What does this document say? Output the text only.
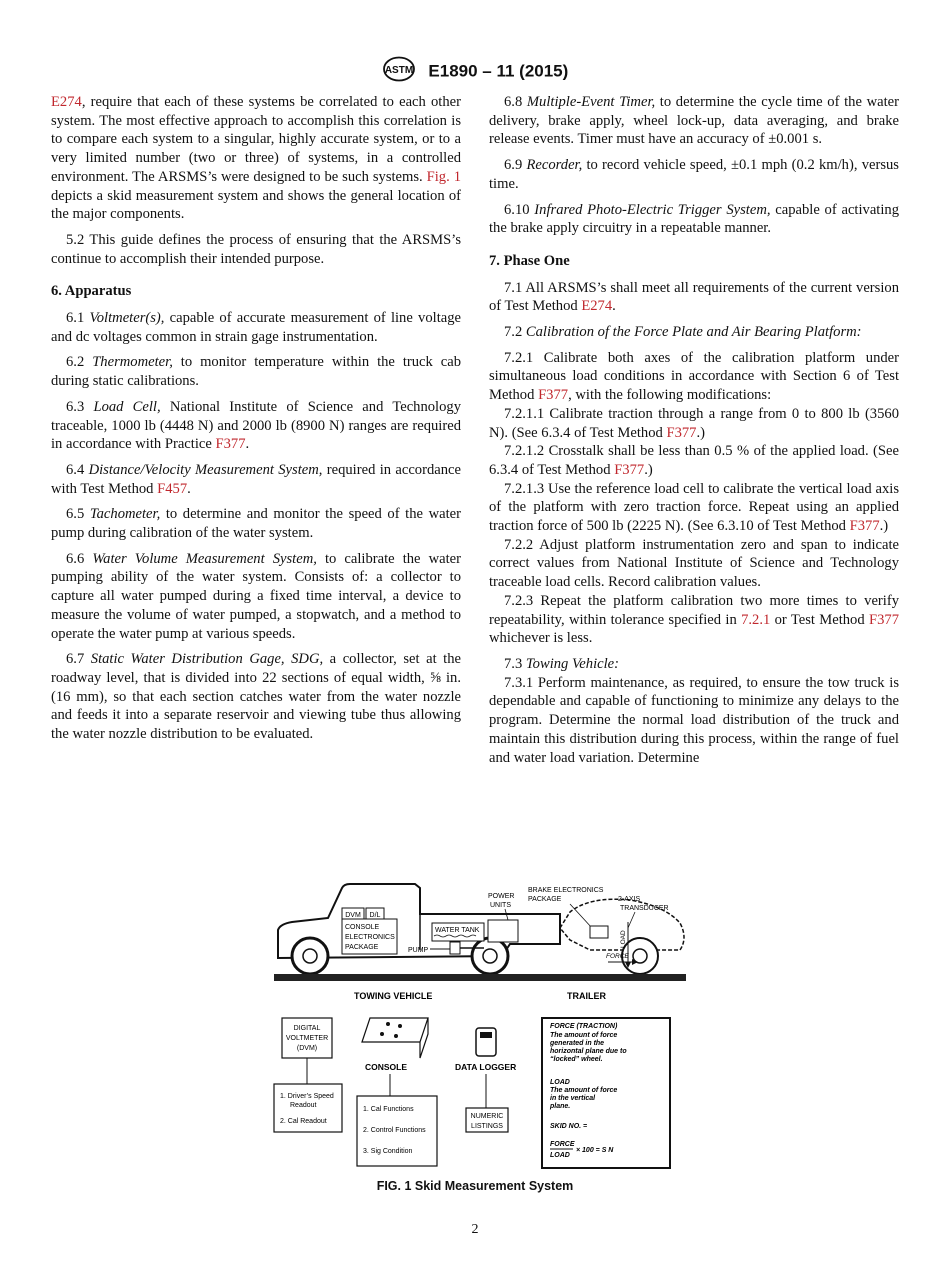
ASTM E1890 – 11 (2015)

E274, require that each of these systems be correlated to each other system. The most effective approach to accomplish this correlation is to compare each system to a singular, highly accurate system, or to a very limited number (two or three) of systems, in a controlled environment. The ARSMS’s were designed to be such systems. Fig. 1 depicts a skid measurement system and shows the general location of the major components.

5.2 This guide defines the process of ensuring that the ARSMS’s continue to accomplish their intended purpose.

6. Apparatus

6.1 Voltmeter(s), capable of accurate measurement of line voltage and dc voltages common in strain gage instrumentation.

6.2 Thermometer, to monitor temperature within the truck cab during static calibrations.

6.3 Load Cell, National Institute of Science and Technology traceable, 1000 lb (4448 N) and 2000 lb (8900 N) ranges are required in accordance with Practice F377.

6.4 Distance/Velocity Measurement System, required in accordance with Test Method F457.

6.5 Tachometer, to determine and monitor the speed of the water pump during calibration of the water system.

6.6 Water Volume Measurement System, to calibrate the water pumping ability of the water system. Consists of: a collector to capture all water pumped during a fixed time interval, a device to measure the volume of water pumped, a stopwatch, and a method to operate the water pump at various speeds.

6.7 Static Water Distribution Gage, SDG, a collector, set at the roadway level, that is divided into 22 sections of equal width, ⅝ in. (16 mm), so that each section catches water from the water nozzle and feeds it into a separate reservoir and viewing tube thus allowing the water nozzle distribution to be evaluated.

6.8 Multiple-Event Timer, to determine the cycle time of the water delivery, brake apply, wheel lock-up, data averaging, and brake release events. Timer must have an accuracy of ±0.001 s.

6.9 Recorder, to record vehicle speed, ±0.1 mph (0.2 km/h), versus time.

6.10 Infrared Photo-Electric Trigger System, capable of activating the brake apply circuitry in a repeatable manner.

7. Phase One

7.1 All ARSMS’s shall meet all requirements of the current version of Test Method E274.

7.2 Calibration of the Force Plate and Air Bearing Platform:

7.2.1 Calibrate both axes of the calibration platform under simultaneous load conditions in accordance with Section 6 of Test Method F377, with the following modifications:

7.2.1.1 Calibrate traction through a range from 0 to 800 lb (3560 N). (See 6.3.4 of Test Method F377.)

7.2.1.2 Crosstalk shall be less than 0.5 % of the applied load. (See 6.3.4 of Test Method F377.)

7.2.1.3 Use the reference load cell to calibrate the vertical load axis of the platform with zero traction force. Repeat using an applied traction force of 500 lb (2225 N). (See 6.3.10 of Test Method F377.)

7.2.2 Adjust platform instrumentation zero and span to indicate correct values from National Institute of Science and Technology traceable load cells. Record calibration values.

7.2.3 Repeat the platform calibration two more times to verify repeatability, within tolerance specified in 7.2.1 or Test Method F377 whichever is less.

7.3 Towing Vehicle:

7.3.1 Perform maintenance, as required, to ensure the tow truck is dependable and capable of functioning to minimize any delays to the program. Determine the normal load distribution of the truck and maintain this distribution during this process, within the range of fuel and water load variation. Determine

DVM D/L
CONSOLE
ELECTRONICS
PACKAGE
WATER TANK
PUMP
POWER
UNITS
BRAKE ELECTRONICS
PACKAGE	2-AXIS
TRANSDUCER
LOAD
FORCE
TOWING VEHICLE	TRAILER
DIGITAL
VOLTMETER
(DVM)
1. Driver’s Speed
Readout
2. Cal Readout
CONSOLE
1. Cal Functions
2. Control Functions
3. Sig Condition
DATA LOGGER
NUMERIC
LISTINGS
FORCE (TRACTION)
The amount of force
generated in the
horizontal plane due to
“locked” wheel.
LOAD
The amount of force
in the vertical
plane.
SKID NO. =
FORCE
LOAD
× 100 = S N
FIG. 1 Skid Measurement System
2
